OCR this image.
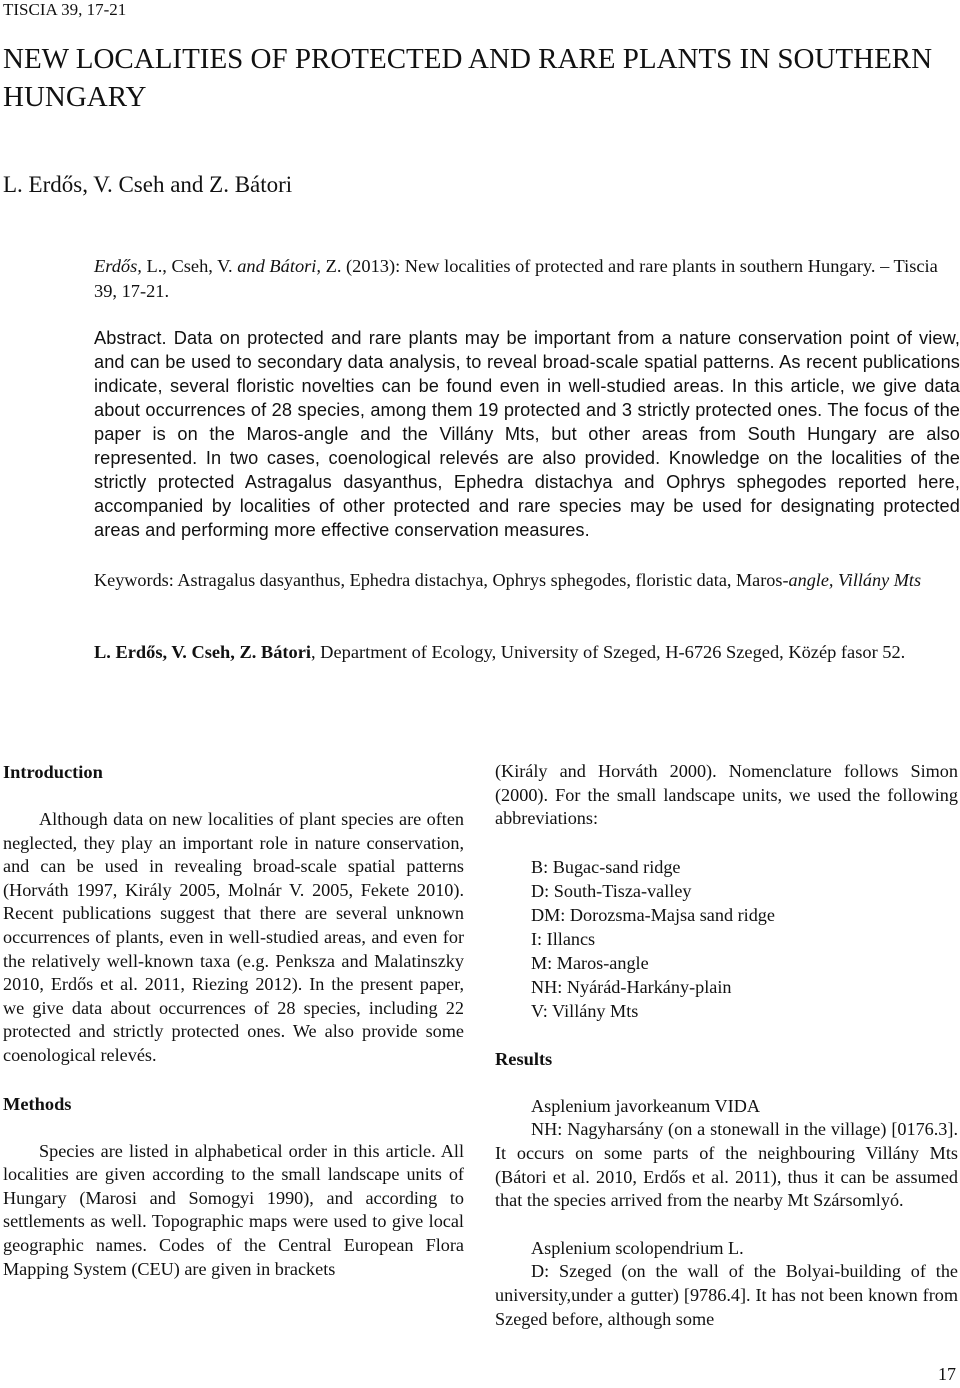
TISCIA 39, 17-21
NEW LOCALITIES OF PROTECTED AND RARE PLANTS IN SOUTHERN HUNGARY
L. Erdős, V. Cseh and Z. Bátori
Erdős, L., Cseh, V. and Bátori, Z. (2013): New localities of protected and rare plants in southern Hungary. – Tiscia 39, 17-21.
Abstract. Data on protected and rare plants may be important from a nature conservation point of view, and can be used to secondary data analysis, to reveal broad-scale spatial patterns. As recent publications indicate, several floristic novelties can be found even in well-studied areas. In this article, we give data about occurrences of 28 species, among them 19 protected and 3 strictly protected ones. The focus of the paper is on the Maros-angle and the Villány Mts, but other areas from South Hungary are also represented. In two cases, coenological relevés are also provided. Knowledge on the localities of the strictly protected Astragalus dasyanthus, Ephedra distachya and Ophrys sphegodes reported here, accompanied by localities of other protected and rare species may be used for designating protected areas and performing more effective conservation measures.
Keywords: Astragalus dasyanthus, Ephedra distachya, Ophrys sphegodes, floristic data, Maros-angle, Villány Mts
L. Erdős, V. Cseh, Z. Bátori, Department of Ecology, University of Szeged, H-6726 Szeged, Közép fasor 52.
Introduction

Although data on new localities of plant species are often neglected, they play an important role in nature conservation, and can be used in revealing broad-scale spatial patterns (Horváth 1997, Király 2005, Molnár V. 2005, Fekete 2010). Recent publications suggest that there are several unknown occurrences of plants, even in well-studied areas, and even for the relatively well-known taxa (e.g. Penksza and Malatinszky 2010, Erdős et al. 2011, Riezing 2012). In the present paper, we give data about occurrences of 28 species, including 22 protected and strictly protected ones. We also provide some coenological relevés.

Methods

Species are listed in alphabetical order in this article. All localities are given according to the small landscape units of Hungary (Marosi and Somogyi 1990), and according to settlements as well. Topographic maps were used to give local geographic names. Codes of the Central European Flora Mapping System (CEU) are given in brackets

(Király and Horváth 2000). Nomenclature follows Simon (2000). For the small landscape units, we used the following abbreviations:

B: Bugac-sand ridge
D: South-Tisza-valley
DM: Dorozsma-Majsa sand ridge
I: Illancs
M: Maros-angle
NH: Nyárád-Harkány-plain
V: Villány Mts
Results

Asplenium javorkeanum VIDA

NH: Nagyharsány (on a stonewall in the village) [0176.3]. It occurs on some parts of the neighbouring Villány Mts (Bátori et al. 2010, Erdős et al. 2011), thus it can be assumed that the species arrived from the nearby Mt Szársomlyó.

Asplenium scolopendrium L.

D: Szeged (on the wall of the Bolyai-building of the university,under a gutter) [9786.4]. It has not been known from Szeged before, although some

17
